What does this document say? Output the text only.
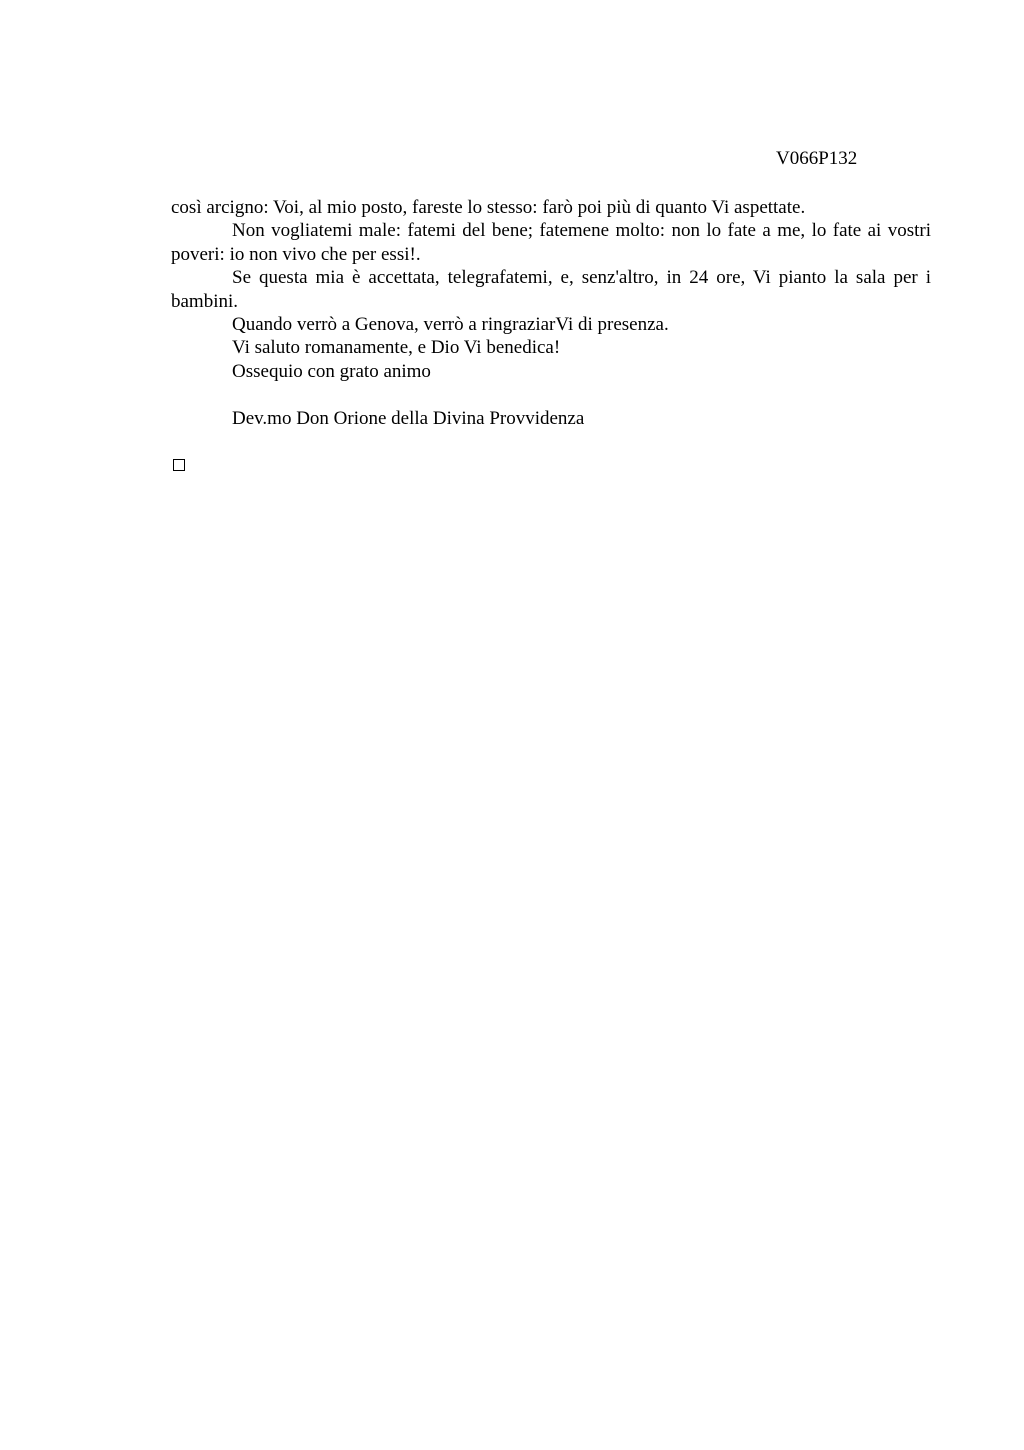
V066P132

così arcigno: Voi, al mio posto, fareste lo stesso: farò poi più di quanto Vi aspettate.

Non vogliatemi male: fatemi del bene; fatemene molto: non lo fate a me, lo fate ai vostri poveri: io non vivo che per essi!.

Se questa mia è accettata, telegrafatemi, e, senz'altro, in 24 ore, Vi pianto la sala per i bambini.

Quando verrò a Genova, verrò a ringraziarVi di presenza.

Vi saluto romanamente, e Dio Vi benedica!

Ossequio con grato animo

Dev.mo Don Orione della Divina Provvidenza
